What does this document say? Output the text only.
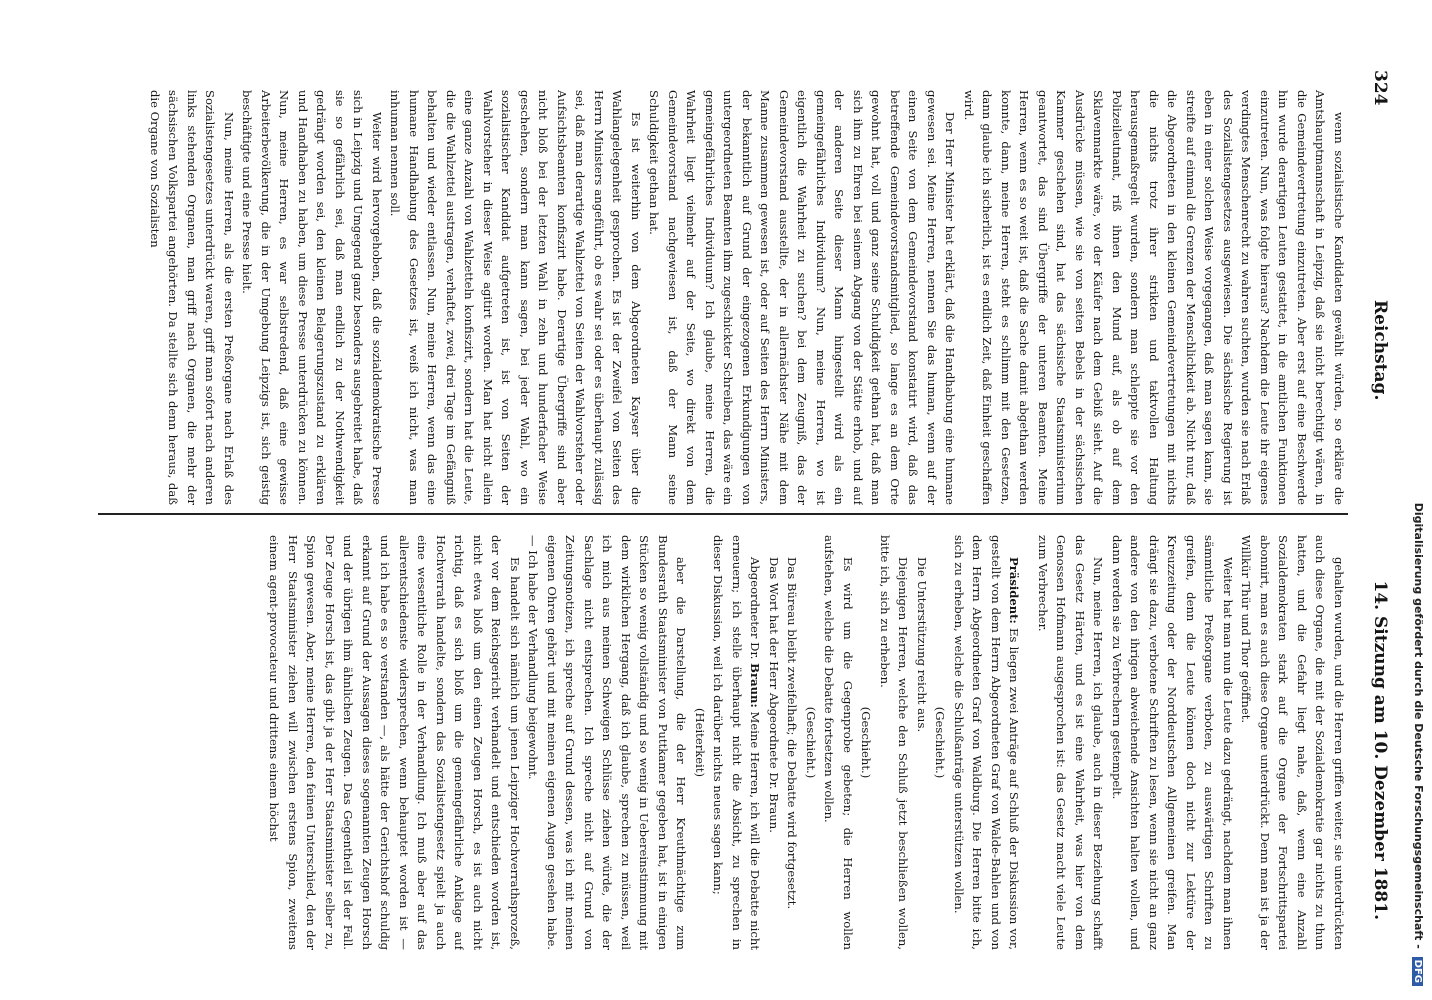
324
Reichstag.
14. Sitzung am 10. Dezember 1881.

wenn sozialistische Kandidaten gewählt würden, so erkläre die Amtshauptmannschaft in Leipzig, daß sie nicht berechtigt wären, in die Gemeindevertretung einzutreten. Aber erst auf eine Beschwerde hin wurde derartigen Leuten gestattet, in die amtlichen Funktionen einzutreten. Nun, was folgte hieraus? Nachdem die Leute ihr eigenes verdingtes Menschenrecht zu wahren suchten, wurden sie nach Erlaß des Sozialistengesetzes ausgewiesen. Die sächsische Regierung ist eben in einer solchen Weise vorgegangen, daß man sagen kann, sie streifte auf einmal die Grenzen der Menschlichkeit ab. Nicht nur, daß die Abgeordneten in den kleinen Gemeindevertretungen mit nichts die nichts trotz ihrer strikten und taktvollen Haltung herausgemaßregelt wurden, sondern man schleppte sie vor den Polizeileutnant, riß ihnen den Mund auf, als ob auf dem Sklavenmarkte wäre, wo der Käufer nach dem Gebiß sieht. Auf die Ausdrücke müssen, wie sie von seiten Bebels in der sächsischen Kammer geschehen sind, hat das sächsische Staatsministerium geantwortet, das sind Übergriffe der unteren Beamten. Meine Herren, wenn es so weit ist, daß die Sache damit abgethan werden konnte, dann, meine Herren, steht es schlimm mit den Gesetzen, dann glaube ich sicherlich, ist es endlich Zeit, daß Einheit geschaffen wird.

Der Herr Minister hat erklärt, daß die Handhabung eine humane gewesen sei. Meine Herren, nennen Sie das human, wenn auf der einen Seite von dem Gemeindevorstand konstatirt wird, daß das betreffende Gemeindevorstandsmitglied, so lange es an dem Orte gewohnt hat, voll und ganz seine Schuldigkeit gethan hat, daß man sich ihm zu Ehren bei seinem Abgang von der Stätte erhob, und auf der anderen Seite dieser Mann hingestellt wird als ein gemeingefährliches Individuum? Nun, meine Herren, wo ist eigentlich die Wahrheit zu suchen? bei dem Zeugniß, das der Gemeindevorstand ausstellte, der in allernächster Nähe mit dem Manne zusammen gewesen ist, oder auf Seiten des Herrn Ministers, der bekanntlich auf Grund der eingezogenen Erkundigungen von untergeordneten Beamten ihm zugeschickter Schreiben, das wäre ein gemeingefährliches Individuum? Ich glaube, meine Herren, die Wahrheit liegt vielmehr auf der Seite, wo direkt von dem Gemeindevorstand nachgewiesen ist, daß der Mann seine Schuldigkeit gethan hat.

Es ist weiterhin von dem Abgeordneten Kayser über die Wahlangelegenheit gesprochen. Es ist der Zweifel von Seiten des Herrn Ministers angeführt, ob es wahr sei oder es überhaupt zulässig sei, daß man derartige Wahlzettel von Seiten der Wahlvorsteher oder Aufsichtsbeamten konfiszirt habe. Derartige Übergriffe sind aber nicht bloß bei der letzten Wahl in zehn und hunderfacher Weise geschehen, sondern man kann sagen, bei jeder Wahl, wo ein sozialistischer Kandidat aufgetreten ist, ist von Seiten der Wahlvorsteher in dieser Weise agitirt worden. Man hat nicht allein eine ganze Anzahl von Wahlzetteln konfiszirt, sondern hat die Leute, die die Wahlzettel austragen, verhaftet, zwei, drei Tage im Gefängniß behalten und wieder entlassen. Nun, meine Herren, wenn das eine humane Handhabung des Gesetzes ist, weiß ich nicht, was man inhuman nennen soll.

Weiter wird hervorgehoben, daß die sozialdemokratische Presse sich in Leipzig und Umgegend ganz besonders ausgebreitet habe, daß sie so gefährlich sei, daß man endlich zu der Nothwendigkeit gedrängt worden sei, den kleinen Belagerungszustand zu erklären und Handhaben zu haben, um diese Presse unterdrücken zu können. Nun, meine Herren, es war selbstredend, daß eine gewisse Arbeiterbevölkerung, die in der Umgebung Leipzigs ist, sich geistig beschäftigte und eine Presse hielt.

Nun, meine Herren, als die ersten Preßorgane nach Erlaß des Sozialistengesetzes unterdrückt waren, griff man sofort nach anderen links stehenden Organen, man griff nach Organen, die mehr der sächsischen Volkspartei angehörten. Da stellte sich denn heraus, daß die Organe von Sozialisten

gehalten wurden, und die Herren griffen weiter, sie unterdrückten auch diese Organe, die mit der Sozialdemokratie gar nichts zu thun hatten, und die Gefahr liegt nahe, daß, wenn eine Anzahl Sozialdemokraten stark auf die Organe der Fortschrittspartei abonnirt, man es auch diese Organe unterdrückt. Denn man ist ja der Willkür Thür und Thor geöffnet.

Weiter hat man nun die Leute dazu gedrängt, nachdem man ihnen sämmtliche Preßorgane verboten, zu auswärtigen Schriften zu greifen, denn die Leute können doch nicht zur Lektüre der Kreuzzeitung oder der Norddeutschen Allgemeinen greifen. Man drängt sie dazu, verbotene Schriften zu lesen, wenn sie nicht an ganz andere von den ihrigen abweichende Ansichten halten wollen, und dann werden sie zu Verbrechern gestempelt.

Nun, meine Herren, ich glaube, auch in dieser Beziehung schafft das Gesetz Härten, und es ist eine Wahrheit, was hier von dem Genossen Hofmann ausgesprochen ist: das Gesetz macht viele Leute zum Verbrecher.

Präsident: Es liegen zwei Anträge auf Schluß der Diskussion vor, gestellt von dem Herrn Abgeordneten Graf von Walde-Bahlen und von dem Herrn Abgeordneten Graf von Waldburg. Die Herren bitte ich, sich zu erheben, welche die Schlußanträge unterstützen wollen.

(Geschieht.)

Die Unterstützung reicht aus.

Diejenigen Herren, welche den Schluß jetzt beschließen wollen, bitte ich, sich zu erheben.

(Geschieht.)

Es wird um die Gegenprobe gebeten; die Herren wollen aufstehen, welche die Debatte fortsetzen wollen.

(Geschieht.)

Das Büreau bleibt zweifelhaft; die Debatte wird fortgesetzt.

Das Wort hat der Herr Abgeordnete Dr. Braun.

Abgeordneter Dr. Braun: Meine Herren, ich will die Debatte nicht erneuern; ich stelle überhaupt nicht die Absicht, zu sprechen in dieser Diskussion, weil ich darüber nichts neues sagen kann;

(Heiterkeit)

aber die Darstellung, die der Herr Kreuthmächtige zum Bundesrath Staatsminister von Puttkamer gegeben hat, ist in einigen Stücken so wenig vollständig und so wenig in Uebereinstimmung mit dem wirklichen Hergang, daß ich glaube, sprechen zu müssen, weil ich mich aus meinen Schweigen Schlüsse ziehen würde, die der Sachlage nicht entsprechen. Ich spreche nicht auf Grund von Zeitungsnotizen, ich spreche auf Grund dessen, was ich mit meinen eigenen Ohren gehört und mit meinen eigenen Augen gesehen habe. — Ich habe der Verhandlung beigewohnt.

Es handelt sich nämlich um jenen Leipziger Hochverrathsprozeß, der vor dem Reichsgericht verhandelt und entschieden worden ist, nicht etwa bloß um den einen Zeugen Horsch, es ist auch nicht richtig, daß es sich bloß um die gemeingefährliche Anklage auf Hochverrath handelte, sondern das Sozialistengesetz spielt ja auch eine wesentliche Rolle in der Verhandlung. Ich muß aber auf das allerentschiedenste widersprechen, wenn behauptet worden ist — und ich habe es so verstanden —, als hätte der Gerichtshof schuldig erkannt auf Grund der Aussagen dieses sogenannten Zeugen Horsch und der übrigen ihm ähnlichen Zeugen. Das Gegentheil ist der Fall. Der Zeuge Horsch ist, das gibt ja der Herr Staatsminister selber zu, Spion gewesen. Aber, meine Herren, den feinen Unterschied, den der Herr Staatsminister ziehen will zwischen erstens Spion, zweitens einem agent-provocateur und drittens einem höchst	Digitalisierung gefördert durch die Deutsche Forschungsgemeinschaft - DFG
